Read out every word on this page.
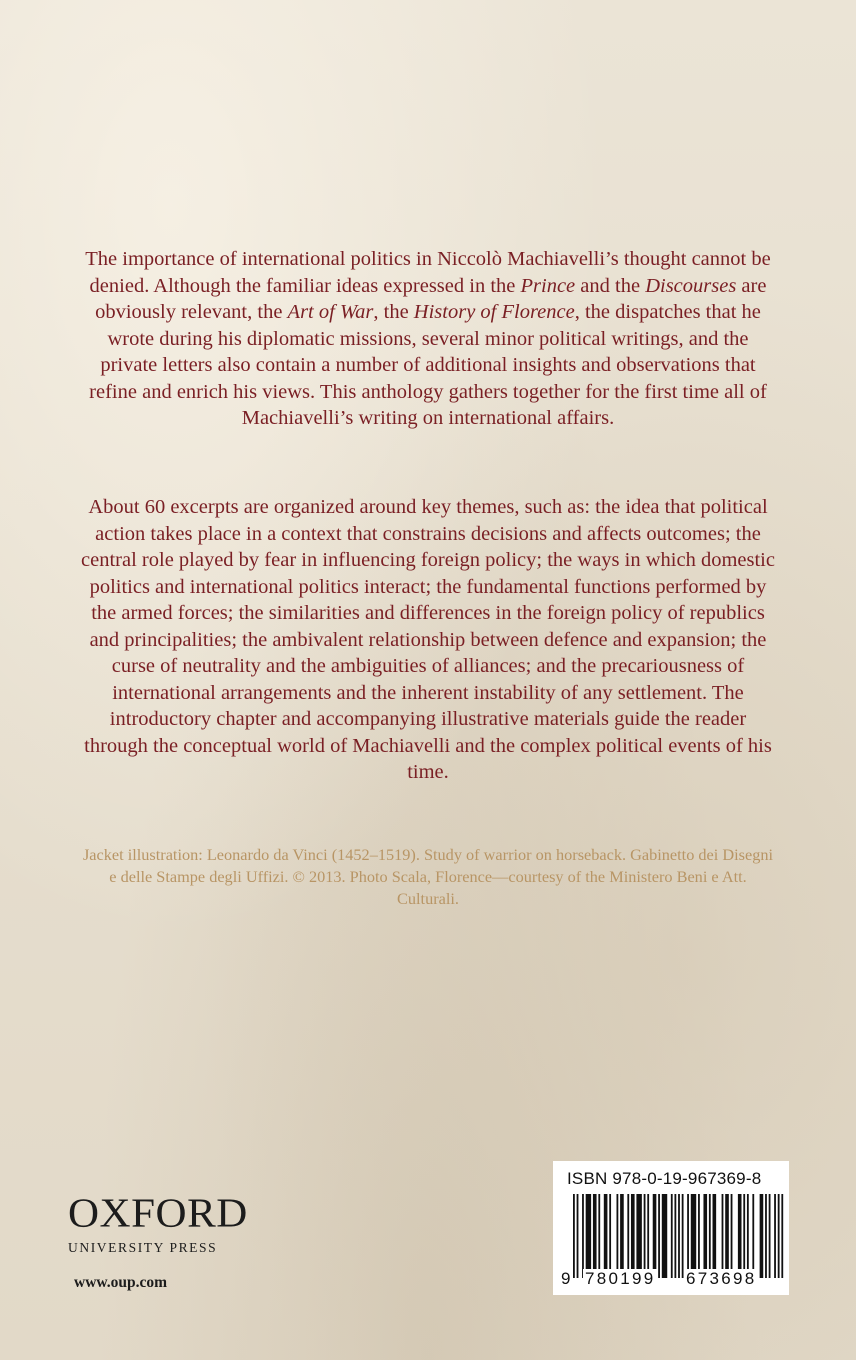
The importance of international politics in Niccolò Machiavelli’s thought cannot be denied. Although the familiar ideas expressed in the Prince and the Discourses are obviously relevant, the Art of War, the History of Florence, the dispatches that he wrote during his diplomatic missions, several minor political writings, and the private letters also contain a number of additional insights and observations that refine and enrich his views. This anthology gathers together for the first time all of Machiavelli’s writing on international affairs.

About 60 excerpts are organized around key themes, such as: the idea that political action takes place in a context that constrains decisions and affects outcomes; the central role played by fear in influencing foreign policy; the ways in which domestic politics and international politics interact; the fundamental functions performed by the armed forces; the similarities and differences in the foreign policy of republics and principalities; the ambivalent relationship between defence and expansion; the curse of neutrality and the ambiguities of alliances; and the precariousness of international arrangements and the inherent instability of any settlement. The introductory chapter and accompanying illustrative materials guide the reader through the conceptual world of Machiavelli and the complex political events of his time.

Jacket illustration: Leonardo da Vinci (1452–1519). Study of warrior on horseback. Gabinetto dei Disegni e delle Stampe degli Uffizi. © 2013. Photo Scala, Florence—courtesy of the Ministero Beni e Att. Culturali.

OXFORD
UNIVERSITY PRESS
www.oup.com
ISBN 978-0-19-967369-8
9 780199 673698
